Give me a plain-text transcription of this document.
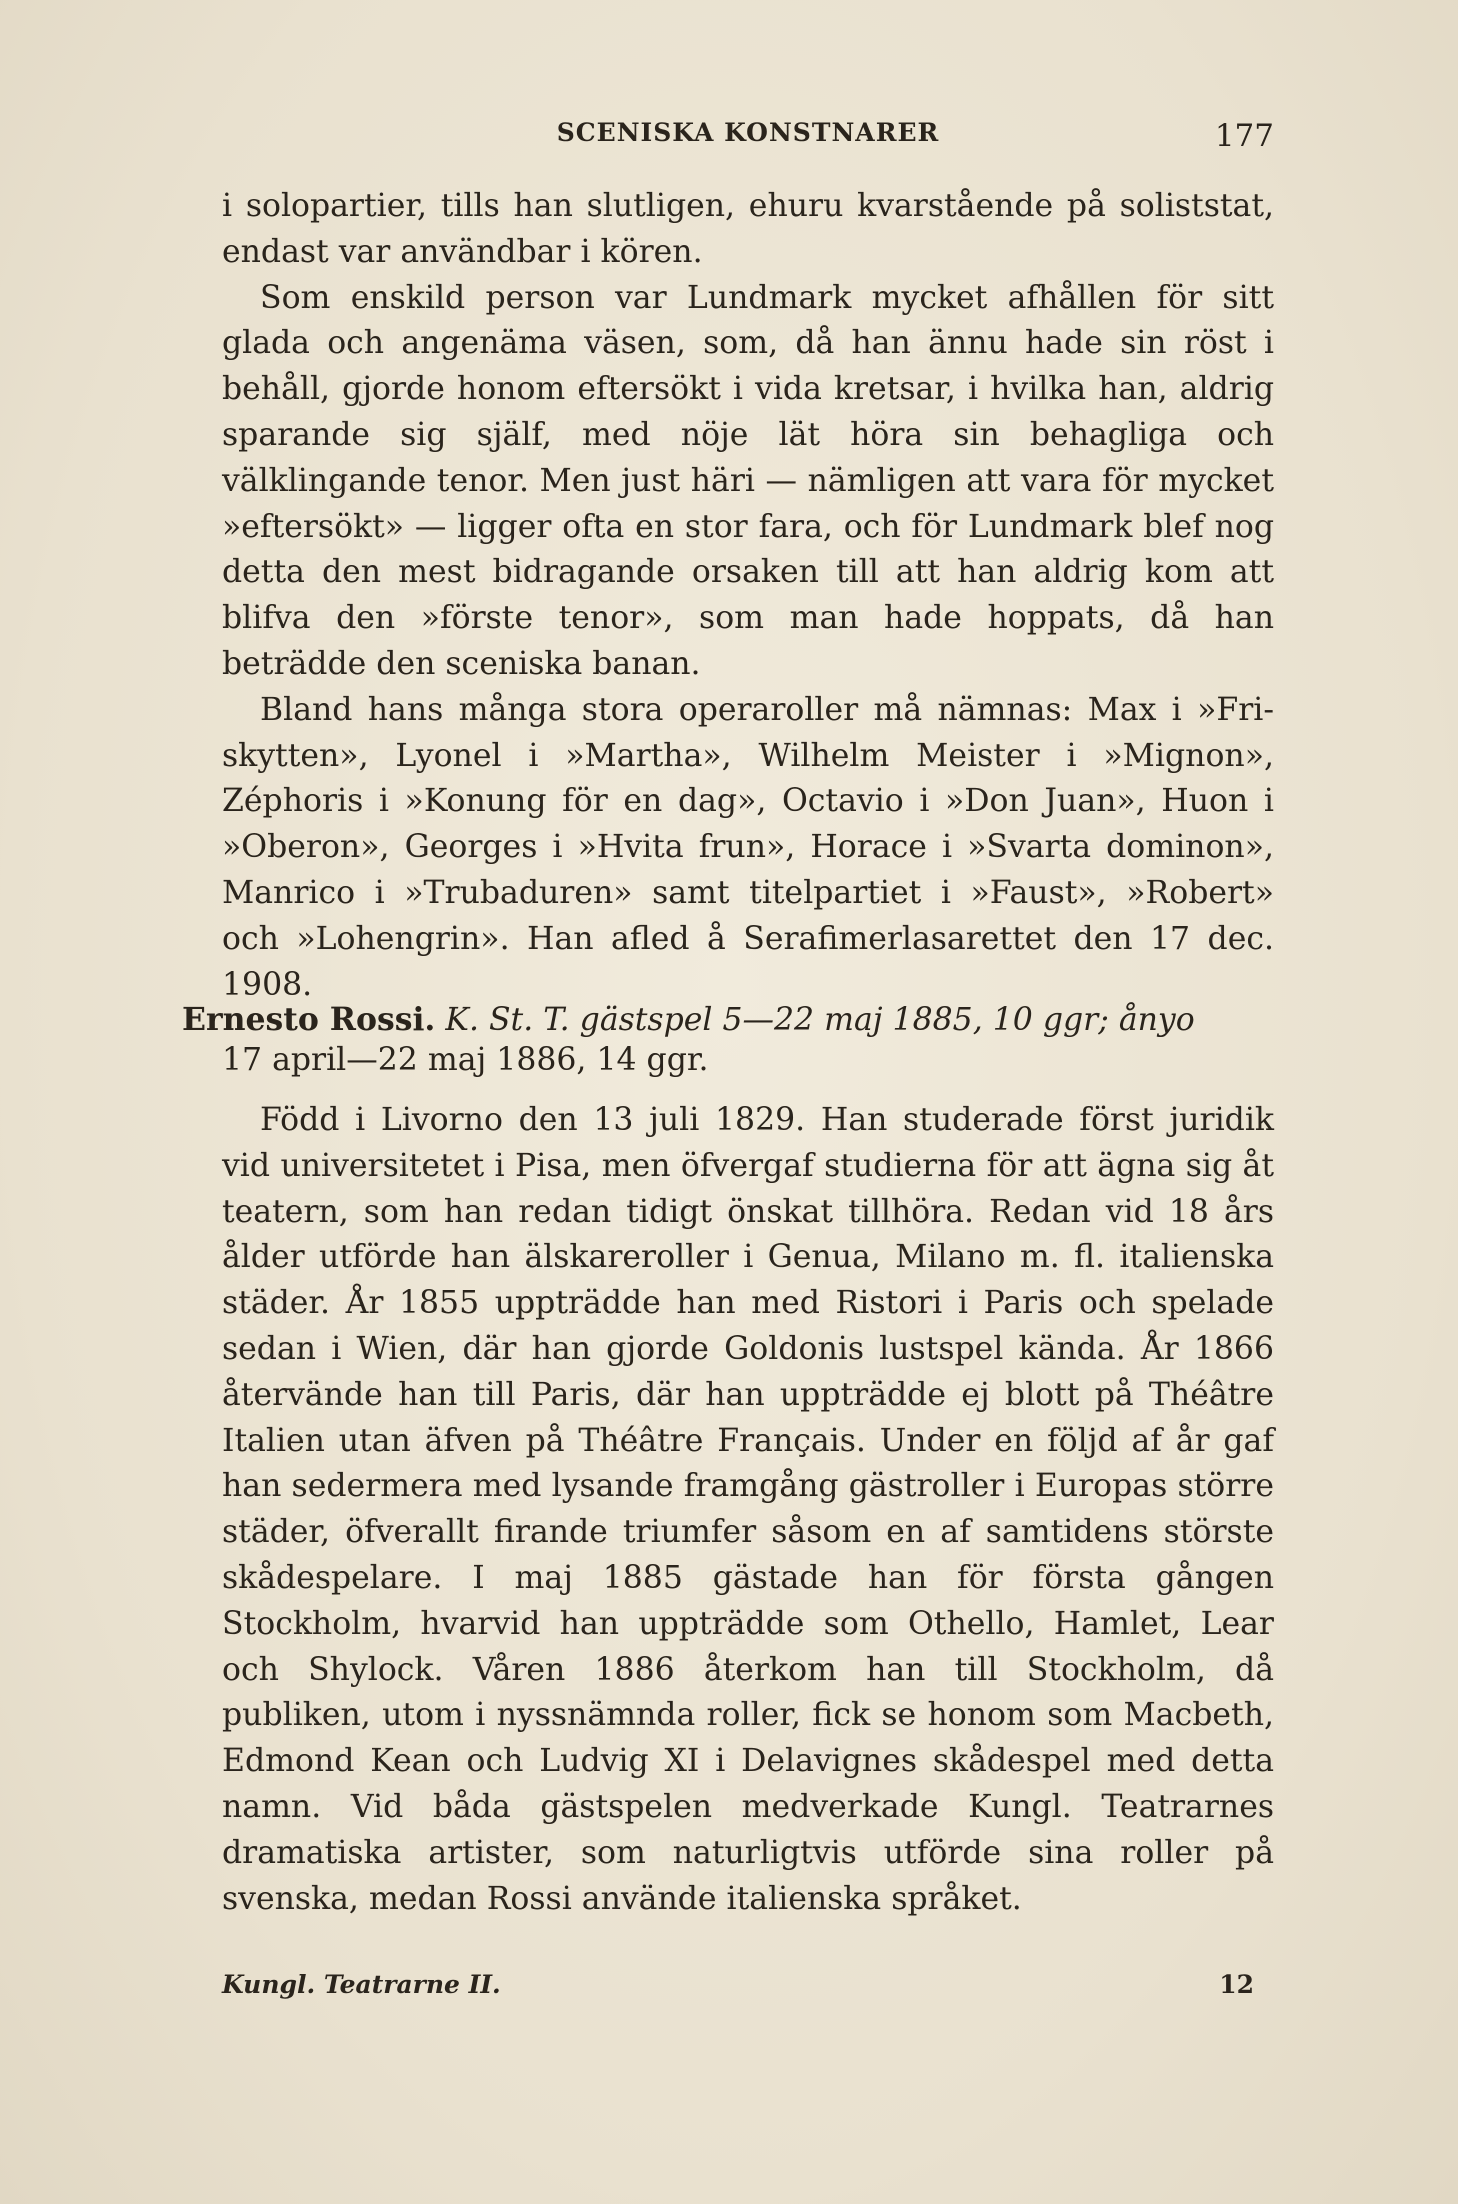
SCENISKA KONSTNARER	177

i solopartier, tills han slutligen, ehuru kvarstående på soliststat, endast var användbar i kören.

Som enskild person var Lundmark mycket afhållen för sitt glada och angenäma väsen, som, då han ännu hade sin röst i behåll, gjorde honom eftersökt i vida kretsar, i hvilka han, aldrig sparande sig själf, med nöje lät höra sin behagliga och välklingande tenor. Men just häri — nämligen att vara för mycket »eftersökt» — ligger ofta en stor fara, och för Lundmark blef nog detta den mest bidragande orsaken till att han aldrig kom att blifva den »förste tenor», som man hade hoppats, då han beträdde den sceniska banan.

Bland hans många stora operaroller må nämnas: Max i »Friskytten», Lyonel i »Martha», Wilhelm Meister i »Mignon», Zéphoris i »Konung för en dag», Octavio i »Don Juan», Huon i »Oberon», Georges i »Hvita frun», Horace i »Svarta dominon», Manrico i »Trubaduren» samt titelpartiet i »Faust», »Robert» och »Lohengrin». Han afled å Serafimerlasarettet den 17 dec. 1908.

Ernesto Rossi. K. St. T. gästspel 5—22 maj 1885, 10 ggr; ånyo
17 april—22 maj 1886, 14 ggr.

Född i Livorno den 13 juli 1829. Han studerade först juridik vid universitetet i Pisa, men öfvergaf studierna för att ägna sig åt teatern, som han redan tidigt önskat tillhöra. Redan vid 18 års ålder utförde han älskareroller i Genua, Milano m. fl. italienska städer. År 1855 uppträdde han med Ristori i Paris och spelade sedan i Wien, där han gjorde Goldonis lustspel kända. År 1866 återvände han till Paris, där han uppträdde ej blott på Théâtre Italien utan äfven på Théâtre Français. Under en följd af år gaf han sedermera med lysande framgång gästroller i Europas större städer, öfverallt firande triumfer såsom en af samtidens störste skådespelare. I maj 1885 gästade han för första gången Stockholm, hvarvid han uppträdde som Othello, Hamlet, Lear och Shylock. Våren 1886 återkom han till Stockholm, då publiken, utom i nyssnämnda roller, fick se honom som Macbeth, Edmond Kean och Ludvig XI i Delavignes skådespel med detta namn. Vid båda gästspelen medverkade Kungl. Teatrarnes dramatiska artister, som naturligtvis utförde sina roller på svenska, medan Rossi använde italienska språket.

Kungl. Teatrarne II.	12
